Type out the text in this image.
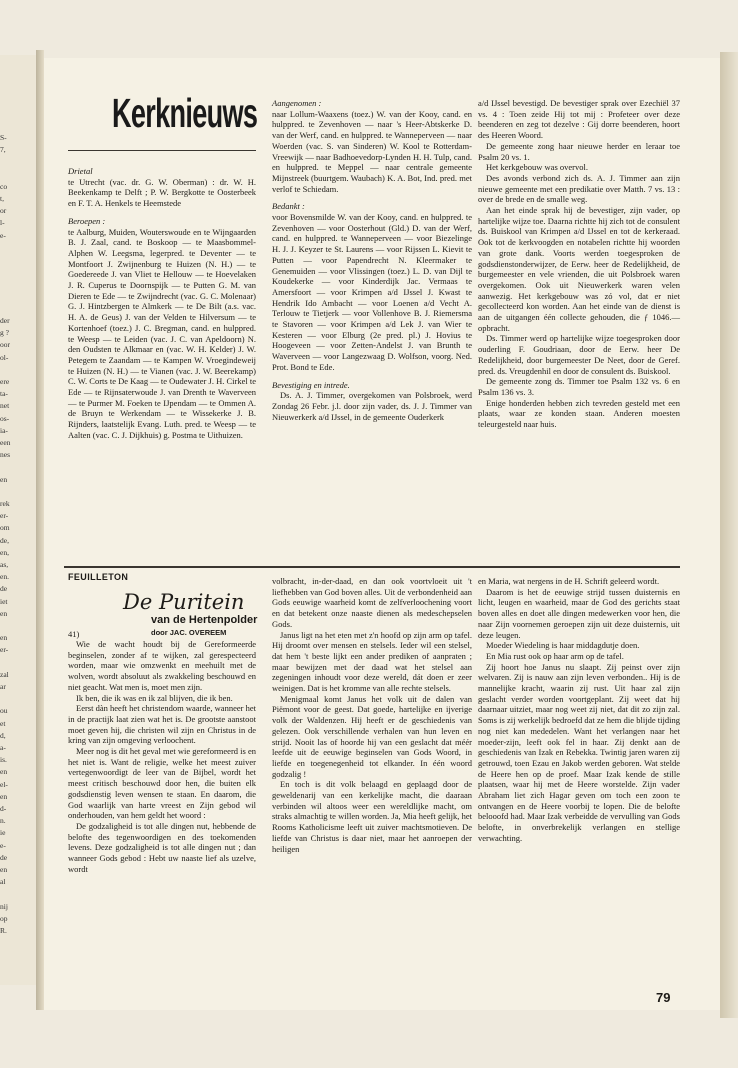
S-
7,
co
t,
or
l-
e-
der
g ?
oor
ol-
ere
ta-
net
os-
ia-
een
nes
en
rek
er-
om
de,
en,
as,
en.
de
iet
en
en
er-
zal
ar
ou
et
d,
a-
is.
en
el-
en
d-
n.
ie
e-
de
en
al
nij
op
R.
Kerknieuws

Drietal

te Utrecht (vac. dr. G. W. Oberman) : dr. W. H. Beekenkamp te Delft ; P. W. Bergkotte te Oosterbeek en F. T. A. Henkels te Heemstede

Beroepen :

te Aalburg, Muiden, Wouterswoude en te Wijngaarden B. J. Zaal, cand. te Boskoop — te Maasbommel-Alphen W. Leegsma, legerpred. te Deventer — te Montfoort J. Zwijnenburg te Huizen (N. H.) — te Goedereede J. van Vliet te Hellouw — te Hoevelaken J. R. Cuperus te Doornspijk — te Putten G. M. van Dieren te Ede — te Zwijndrecht (vac. G. C. Molenaar) G. J. Hintzbergen te Almkerk — te De Bilt (a.s. vac. H. A. de Geus) J. van der Velden te Hilversum — te Kortenhoef (toez.) J. C. Bregman, cand. en hulppred. te Weesp — te Leiden (vac. J. C. van Apeldoorn) N. den Oudsten te Alkmaar en (vac. W. H. Kelder) J. W. Petegem te Zaandam — te Kampen W. Vroegindeweij te Huizen (N. H.) — te Vianen (vac. J. W. Beerekamp) C. W. Corts te De Kaag — te Oudewater J. H. Cirkel te Ede — te Rijnsaterwoude J. van Drenth te Waverveen — te Purmer M. Foeken te IJpendam — te Ommen A. de Bruyn te Werkendam — te Wissekerke J. B. Rijnders, laatstelijk Evang. Luth. pred. te Weesp — te Aalten (vac. C. J. Dijkhuis) g. Postma te Uithuizen.

Aangenomen :

naar Lollum-Waaxens (toez.) W. van der Kooy, cand. en hulppred. te Zevenhoven — naar 's Heer-Abtskerke D. van der Werf, cand. en hulppred. te Wanneperveen — naar Woerden (vac. S. van Sinderen) W. Kool te Rotterdam-Vreewijk — naar Badhoevedorp-Lynden H. H. Tulp, cand. en hulppred. te Meppel — naar centrale gemeente Mijnstreek (buurtgem. Waubach) K. A. Bot, Ind. pred. met verlof te Schiedam.

Bedankt :

voor Bovensmilde W. van der Kooy, cand. en hulppred. te Zevenhoven — voor Oosterhout (Gld.) D. van der Werf, cand. en hulppred. te Wanneperveen — voor Biezelinge H. J. J. Keyzer te St. Laurens — voor Rijssen L. Kievit te Putten — voor Papendrecht N. Kleermaker te Genemuiden — voor Vlissingen (toez.) L. D. van Dijl te Koudekerke — voor Kinderdijk Jac. Vermaas te Amersfoort — voor Krimpen a/d IJssel J. Kwast te Hendrik Ido Ambacht — voor Loenen a/d Vecht A. Terlouw te Tietjerk — voor Vollenhove B. J. Riemersma te Stavoren — voor Krimpen a/d Lek J. van Wier te Kesteren — voor Elburg (2e pred. pl.) J. Hovius te Hoogeveen — voor Zetten-Andelst J. van Brunth te Waverveen — voor Langezwaag D. Wolfson, voorg. Ned. Prot. Bond te Ede.

Bevestiging en intrede.

Ds. A. J. Timmer, overgekomen van Polsbroek, werd Zondag 26 Febr. j.l. door zijn vader, ds. J. J. Timmer van Nieuwerkerk a/d IJssel, in de gemeente Ouderkerk

a/d IJssel bevestigd. De bevestiger sprak over Ezechiël 37 vs. 4 : Toen zeide Hij tot mij : Profeteer over deze beenderen en zeg tot dezelve : Gij dorre beenderen, hoort des Heeren Woord.

De gemeente zong haar nieuwe herder en leraar toe Psalm 20 vs. 1.

Het kerkgebouw was overvol.

Des avonds verbond zich ds. A. J. Timmer aan zijn nieuwe gemeente met een predikatie over Matth. 7 vs. 13 : over de brede en de smalle weg.

Aan het einde sprak hij de bevestiger, zijn vader, op hartelijke wijze toe. Daarna richtte hij zich tot de consulent ds. Buiskool van Krimpen a/d IJssel en tot de kerkeraad. Ook tot de kerkvoogden en notabelen richtte hij woorden van grote dank. Voorts werden toegesproken de godsdienstonderwijzer, de Eerw. heer de Redelijkheid, de burgemeester en vele vrienden, die uit Polsbroek waren overgekomen. Ook uit Nieuwerkerk waren velen aanwezig. Het kerkgebouw was zó vol, dat er niet gecollecteerd kon worden. Aan het einde van de dienst is aan de uitgangen één collecte gehouden, die ƒ 1046.— opbracht.

Ds. Timmer werd op hartelijke wijze toegesproken door ouderling F. Goudriaan, door de Eerw. heer De Redelijkheid, door burgemeester De Neet, door de Geref. pred. ds. Vreugdenhil en door de consulent ds. Buiskool.

De gemeente zong ds. Timmer toe Psalm 132 vs. 6 en Psalm 136 vs. 3.

Enige honderden hebben zich tevreden gesteld met een plaats, waar ze konden staan. Anderen moesten teleurgesteld naar huis.

FEUILLETON
De Puritein
van de Hertenpolder
41)	door JAC. OVEREEM

Wie de wacht houdt bij de Gereformeerde beginselen, zonder af te wijken, zal gerespecteerd worden, maar wie omzwenkt en meehuilt met de wolven, wordt absoluut als zwakkeling beschouwd en niet geacht. Wat men is, moet men zijn.

Ik ben, die ik was en ik zal blijven, die ik ben.

Eerst dàn heeft het christendom waarde, wanneer het in de practijk laat zien wat het is. De grootste aanstoot moet geven hij, die christen wil zijn en Christus in de kring van zijn omgeving verloochent.

Meer nog is dit het geval met wie gereformeerd is en het niet is. Want de religie, welke het meest zuiver vertegenwoordigt de leer van de Bijbel, wordt het meest critisch beschouwd door hen, die buiten elk godsdienstig leven wensen te staan. En daarom, die God waarlijk van harte vreest en Zijn gebod wil onderhouden, van hem geldt het woord :

De godzaligheid is tot alle dingen nut, hebbende de belofte des tegenwoordigen en des toekomenden levens. Deze godzaligheid is tot alle dingen nut ; dan wanneer Gods gebod : Hebt uw naaste lief als uzelve, wordt

volbracht, in-der-daad, en dan ook voortvloeit uit 't liefhebben van God boven alles. Uit de verbondenheid aan Gods eeuwige waarheid komt de zelfverloochening voort en dat betekent onze naaste dienen als medeschepselen Gods.

Janus ligt na het eten met z'n hoofd op zijn arm op tafel. Hij droomt over mensen en stelsels. Ieder wil een stelsel, dat hem 't beste lijkt een ander prediken of aanpraten ; maar bewijzen met der daad wat het stelsel aan zegeningen inhoudt voor deze wereld, dát doen er zeer weinigen. Dat is het kromme van alle rechte stelsels.

Menigmaal komt Janus het volk uit de dalen van Piëmont voor de geest. Dat goede, hartelijke en ijverige volk der Waldenzen. Hij heeft er de geschiedenis van gelezen. Ook verschillende verhalen van hun leven en strijd. Nooit las of hoorde hij van een geslacht dat méér leefde uit de eeuwige beginselen van Gods Woord, in liefde en toegenegenheid tot elkander. In één woord godzalig !

En toch is dit volk belaagd en geplaagd door de geweldenarij van een kerkelijke macht, die daaraan verbinden wil altoos weer een wereldlijke macht, om straks almachtig te willen worden. Ja, Mia heeft gelijk, het Rooms Katholicisme leeft uit zuiver machtsmotieven. De liefde van Christus is daar niet, maar het aanroepen der heiligen

en Maria, wat nergens in de H. Schrift geleerd wordt.

Daarom is het de eeuwige strijd tussen duisternis en licht, leugen en waarheid, maar de God des gerichts staat boven alles en doet alle dingen medewerken voor hen, die naar Zijn voornemen geroepen zijn uit deze duisternis, uit deze leugen.

Moeder Wiedeling is haar middagdutje doen.

En Mia rust ook op haar arm op de tafel.

Zij hoort hoe Janus nu slaapt. Zij peinst over zijn welvaren. Zij is nauw aan zijn leven verbonden.. Hij is de mannelijke kracht, waarin zij rust. Uit haar zal zijn geslacht verder worden voortgeplant. Zij weet dat hij daarnaar uitziet, maar nog weet zij niet, dat dit zo zijn zal. Soms is zij werkelijk bedroefd dat ze hem die blijde tijding nog niet kan mededelen. Want het verlangen naar het moeder-zijn, leeft ook fel in haar. Zij denkt aan de geschiedenis van Izak en Rebekka. Twintig jaren waren zij getrouwd, toen Ezau en Jakob werden geboren. Wat stelde de Heere hen op de proef. Maar Izak kende de stille plaatsen, waar hij met de Heere worstelde. Zijn vader Abraham liet zich Hagar geven om toch een zoon te ontvangen en de Heere voorbij te lopen. Die de belofte belooofd had. Maar Izak verbeidde de vervulling van Gods belofte, in onverbrekelijk verlangen en stellige verwachting.

79
